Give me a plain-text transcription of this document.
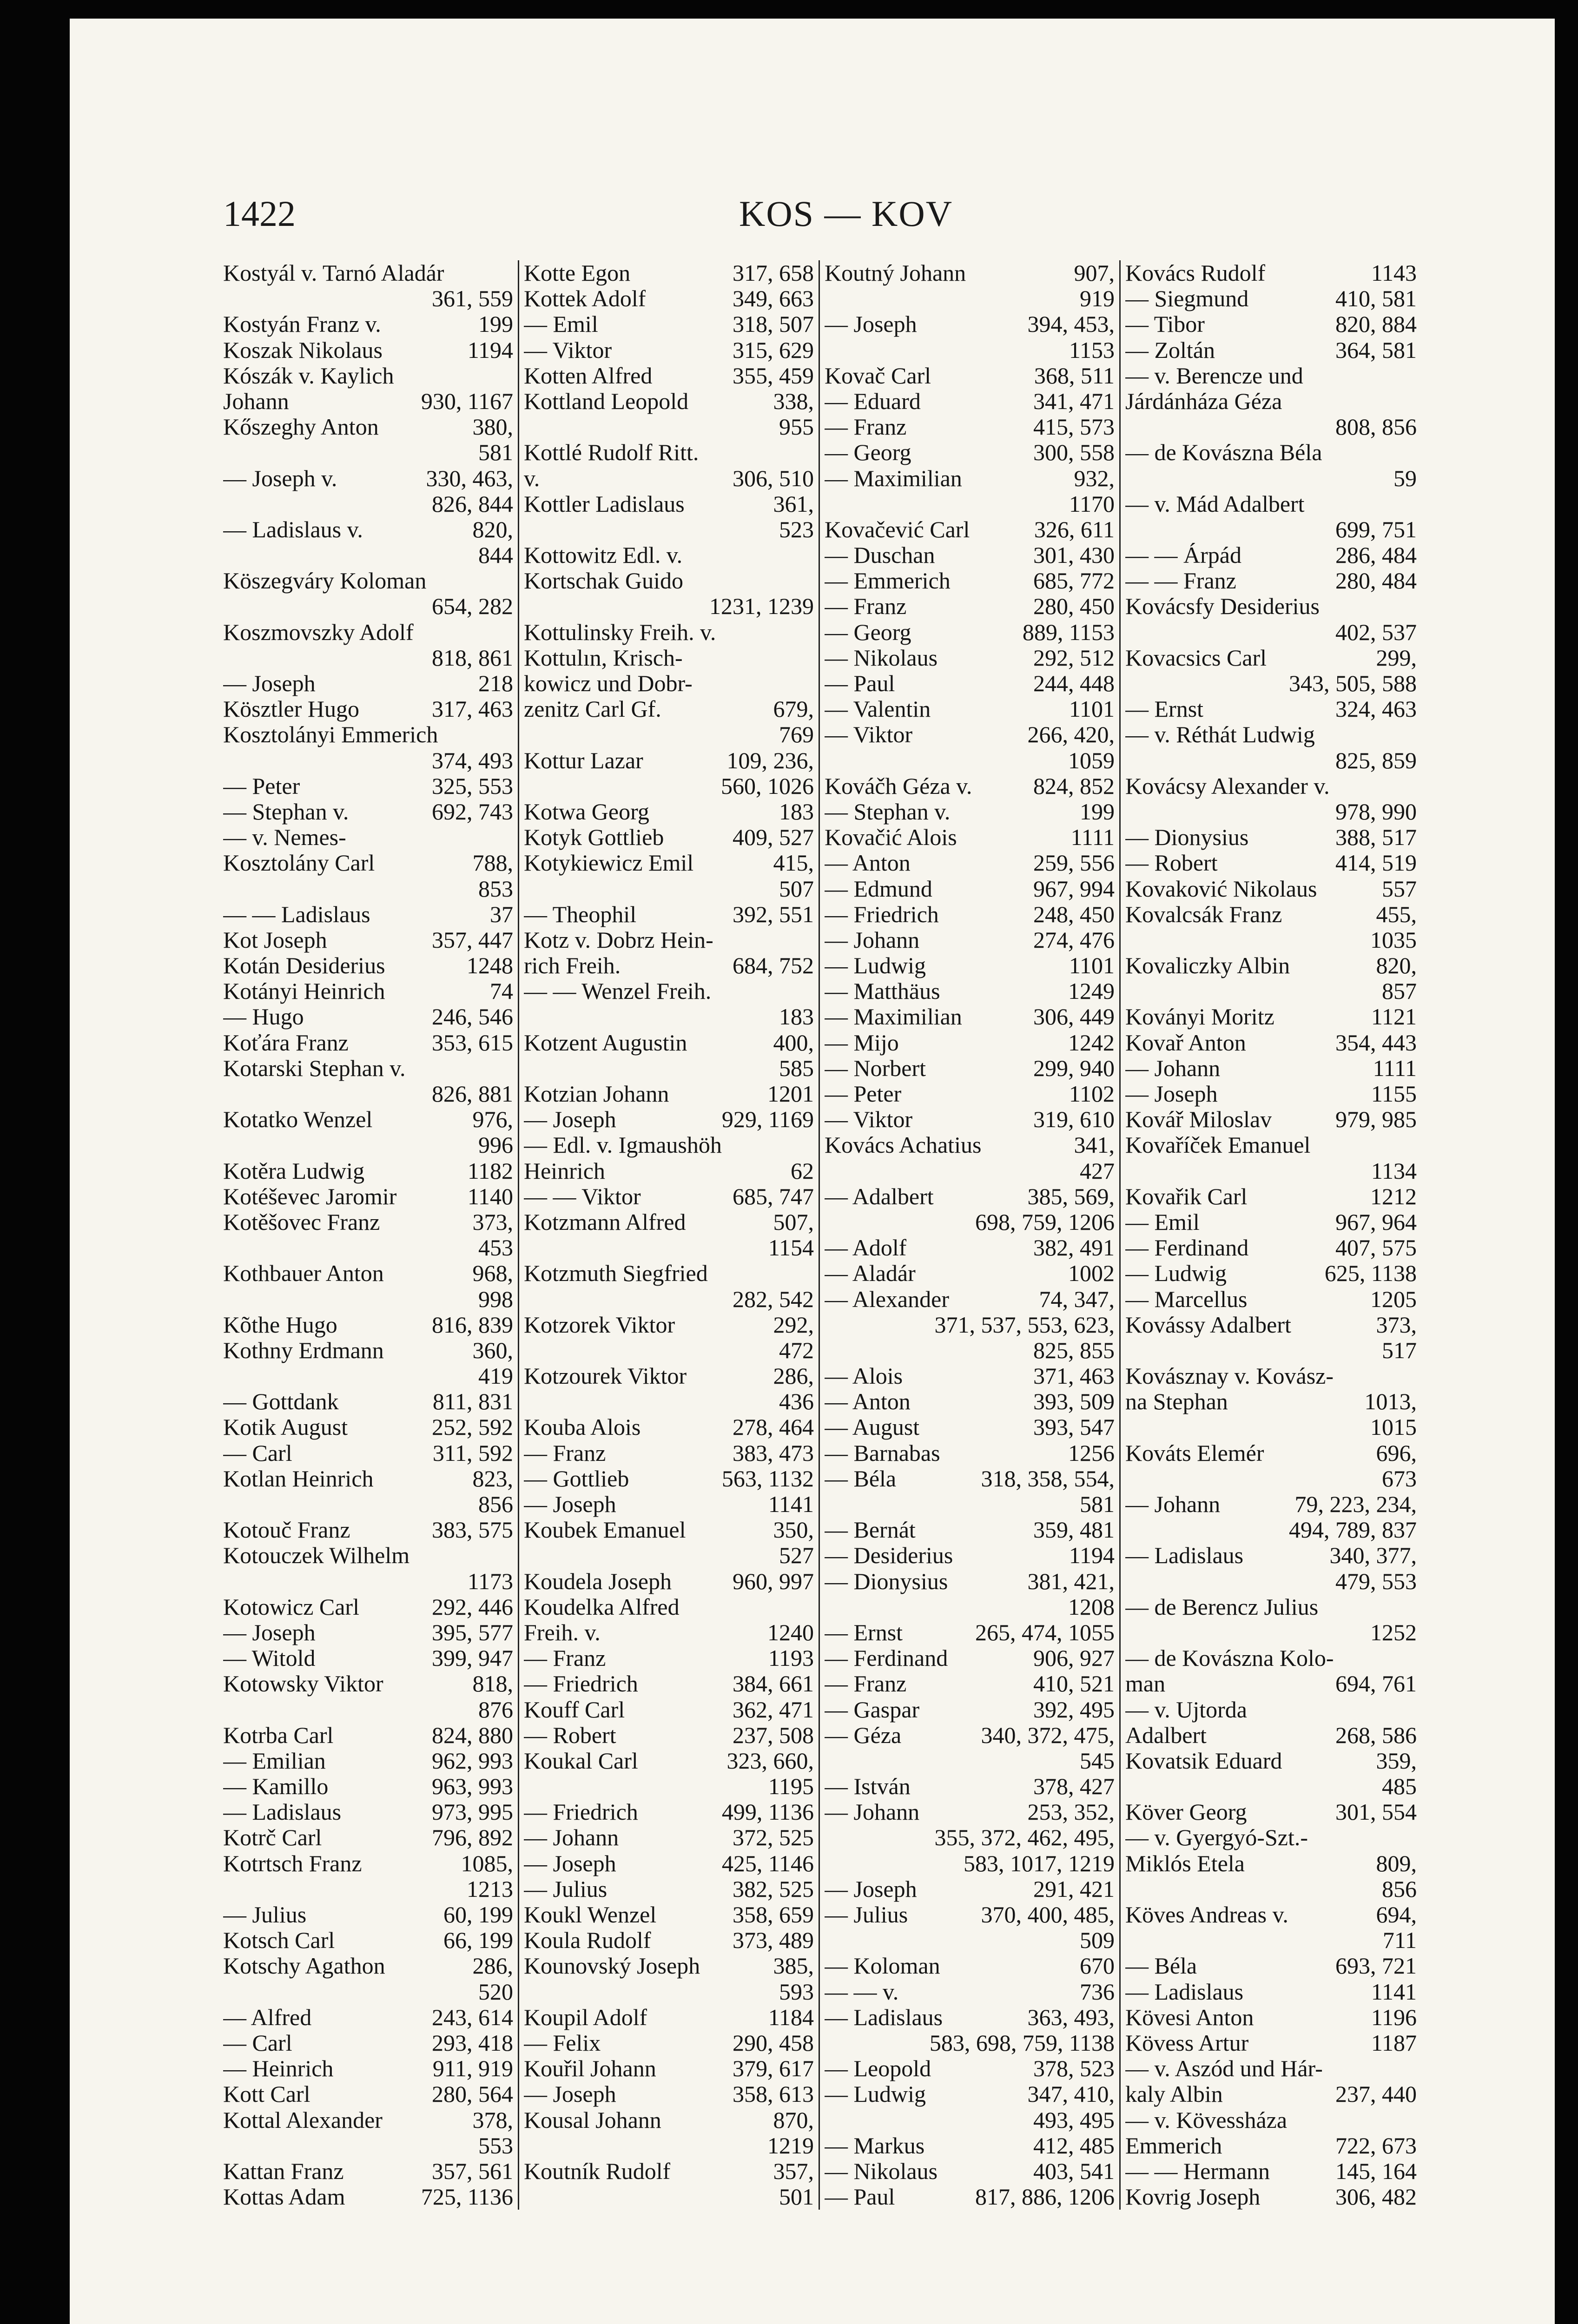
1422	KOS — KOV
Kostyál v. Tarnó Aladár
361, 559
Kostyán Franz v.	199
Koszak Nikolaus	1194
Kószák v. Kaylich
Johann	930, 1167
Kőszeghy Anton	380,
581
— Joseph v.	330, 463,
826, 844
— Ladislaus v.	820,
844
Köszegváry Koloman
654, 282
Koszmovszky Adolf
818, 861
— Joseph	218
Kösztler Hugo	317, 463
Kosztolányi Emmerich
374, 493
— Peter	325, 553
— Stephan v.	692, 743
— v. Nemes-
Kosztolány Carl	788,
853
— — Ladislaus	37
Kot Joseph	357, 447
Kotán Desiderius	1248
Kotányi Heinrich	74
— Hugo	246, 546
Koťára Franz	353, 615
Kotarski Stephan v.
826, 881
Kotatko Wenzel	976,
996
Kotěra Ludwig	1182
Kotéševec Jaromir	1140
Kotěšovec Franz	373,
453
Kothbauer Anton	968,
998
Kõthe Hugo	816, 839
Kothny Erdmann	360,
419
— Gottdank	811, 831
Kotik August	252, 592
— Carl	311, 592
Kotlan Heinrich	823,
856
Kotouč Franz	383, 575
Kotouczek Wilhelm
1173
Kotowicz Carl	292, 446
— Joseph	395, 577
— Witold	399, 947
Kotowsky Viktor	818,
876
Kotrba Carl	824, 880
— Emilian	962, 993
— Kamillo	963, 993
— Ladislaus	973, 995
Kotrč Carl	796, 892
Kotrtsch Franz	1085,
1213
— Julius	60, 199
Kotsch Carl	66, 199
Kotschy Agathon	286,
520
— Alfred	243, 614
— Carl	293, 418
— Heinrich	911, 919
Kott Carl	280, 564
Kottal Alexander	378,
553
Kattan Franz	357, 561
Kottas Adam	725, 1136
Kotte Egon	317, 658
Kottek Adolf	349, 663
— Emil	318, 507
— Viktor	315, 629
Kotten Alfred	355, 459
Kottland Leopold	338,
955
Kottlé Rudolf Ritt.
v.	306, 510
Kottler Ladislaus	361,
523
Kottowitz Edl. v.
Kortschak Guido
1231, 1239
Kottulinsky Freih. v.
Kottulın, Krisch-
kowicz und Dobr-
zenitz Carl Gf.	679,
769
Kottur Lazar	109, 236,
560, 1026
Kotwa Georg	183
Kotyk Gottlieb	409, 527
Kotykiewicz Emil	415,
507
— Theophil	392, 551
Kotz v. Dobrz Hein-
rich Freih.	684, 752
— — Wenzel Freih.
183
Kotzent Augustin	400,
585
Kotzian Johann	1201
— Joseph	929, 1169
— Edl. v. Igmaushöh
Heinrich	62
— — Viktor	685, 747
Kotzmann Alfred	507,
1154
Kotzmuth Siegfried
282, 542
Kotzorek Viktor	292,
472
Kotzourek Viktor	286,
436
Kouba Alois	278, 464
— Franz	383, 473
— Gottlieb	563, 1132
— Joseph	1141
Koubek Emanuel	350,
527
Koudela Joseph	960, 997
Koudelka Alfred
Freih. v.	1240
— Franz	1193
— Friedrich	384, 661
Kouff Carl	362, 471
— Robert	237, 508
Koukal Carl	323, 660,
1195
— Friedrich	499, 1136
— Johann	372, 525
— Joseph	425, 1146
— Julius	382, 525
Koukl Wenzel	358, 659
Koula Rudolf	373, 489
Kounovský Joseph	385,
593
Koupil Adolf	1184
— Felix	290, 458
Kouřil Johann	379, 617
— Joseph	358, 613
Kousal Johann	870,
1219
Koutník Rudolf	357,
501
Koutný Johann	907,
919
— Joseph	394, 453,
1153
Kovač Carl	368, 511
— Eduard	341, 471
— Franz	415, 573
— Georg	300, 558
— Maximilian	932,
1170
Kovačević Carl	326, 611
— Duschan	301, 430
— Emmerich	685, 772
— Franz	280, 450
— Georg	889, 1153
— Nikolaus	292, 512
— Paul	244, 448
— Valentin	1101
— Viktor	266, 420,
1059
Kováčh Géza v.	824, 852
— Stephan v.	199
Kovačić Alois	1111
— Anton	259, 556
— Edmund	967, 994
— Friedrich	248, 450
— Johann	274, 476
— Ludwig	1101
— Matthäus	1249
— Maximilian	306, 449
— Mijo	1242
— Norbert	299, 940
— Peter	1102
— Viktor	319, 610
Kovács Achatius	341,
427
— Adalbert	385, 569,
698, 759, 1206
— Adolf	382, 491
— Aladár	1002
— Alexander	74, 347,
371, 537, 553, 623,
825, 855
— Alois	371, 463
— Anton	393, 509
— August	393, 547
— Barnabas	1256
— Béla	318, 358, 554,
581
— Bernát	359, 481
— Desiderius	1194
— Dionysius	381, 421,
1208
— Ernst	265, 474, 1055
— Ferdinand	906, 927
— Franz	410, 521
— Gaspar	392, 495
— Géza	340, 372, 475,
545
— István	378, 427
— Johann	253, 352,
355, 372, 462, 495,
583, 1017, 1219
— Joseph	291, 421
— Julius	370, 400, 485,
509
— Koloman	670
— — v.	736
— Ladislaus	363, 493,
583, 698, 759, 1138
— Leopold	378, 523
— Ludwig	347, 410,
493, 495
— Markus	412, 485
— Nikolaus	403, 541
— Paul	817, 886, 1206
Kovács Rudolf	1143
— Siegmund	410, 581
— Tibor	820, 884
— Zoltán	364, 581
— v. Berencze und
Járdánháza Géza
808, 856
— de Kovászna Béla
59
— v. Mád Adalbert
699, 751
— — Árpád	286, 484
— — Franz	280, 484
Kovácsfy Desiderius
402, 537
Kovacsics Carl	299,
343, 505, 588
— Ernst	324, 463
— v. Réthát Ludwig
825, 859
Kovácsy Alexander v.
978, 990
— Dionysius	388, 517
— Robert	414, 519
Kovaković Nikolaus	557
Kovalcsák Franz	455,
1035
Kovaliczky Albin	820,
857
Koványi Moritz	1121
Kovař Anton	354, 443
— Johann	1111
— Joseph	1155
Kovář Miloslav	979, 985
Kovaříček Emanuel
1134
Kovařik Carl	1212
— Emil	967, 964
— Ferdinand	407, 575
— Ludwig	625, 1138
— Marcellus	1205
Kovássy Adalbert	373,
517
Kovásznay v. Kovász-
na Stephan	1013,
1015
Kováts Elemér	696,
673
— Johann	79, 223, 234,
494, 789, 837
— Ladislaus	340, 377,
479, 553
— de Berencz Julius
1252
— de Kovászna Kolo-
man	694, 761
— v. Ujtorda
Adalbert	268, 586
Kovatsik Eduard	359,
485
Köver Georg	301, 554
— v. Gyergyó-Szt.-
Miklós Etela	809,
856
Köves Andreas v.	694,
711
— Béla	693, 721
— Ladislaus	1141
Kövesi Anton	1196
Kövess Artur	1187
— v. Aszód und Hár-
kaly Albin	237, 440
— v. Kövessháza
Emmerich	722, 673
— — Hermann	145, 164
Kovrig Joseph	306, 482
